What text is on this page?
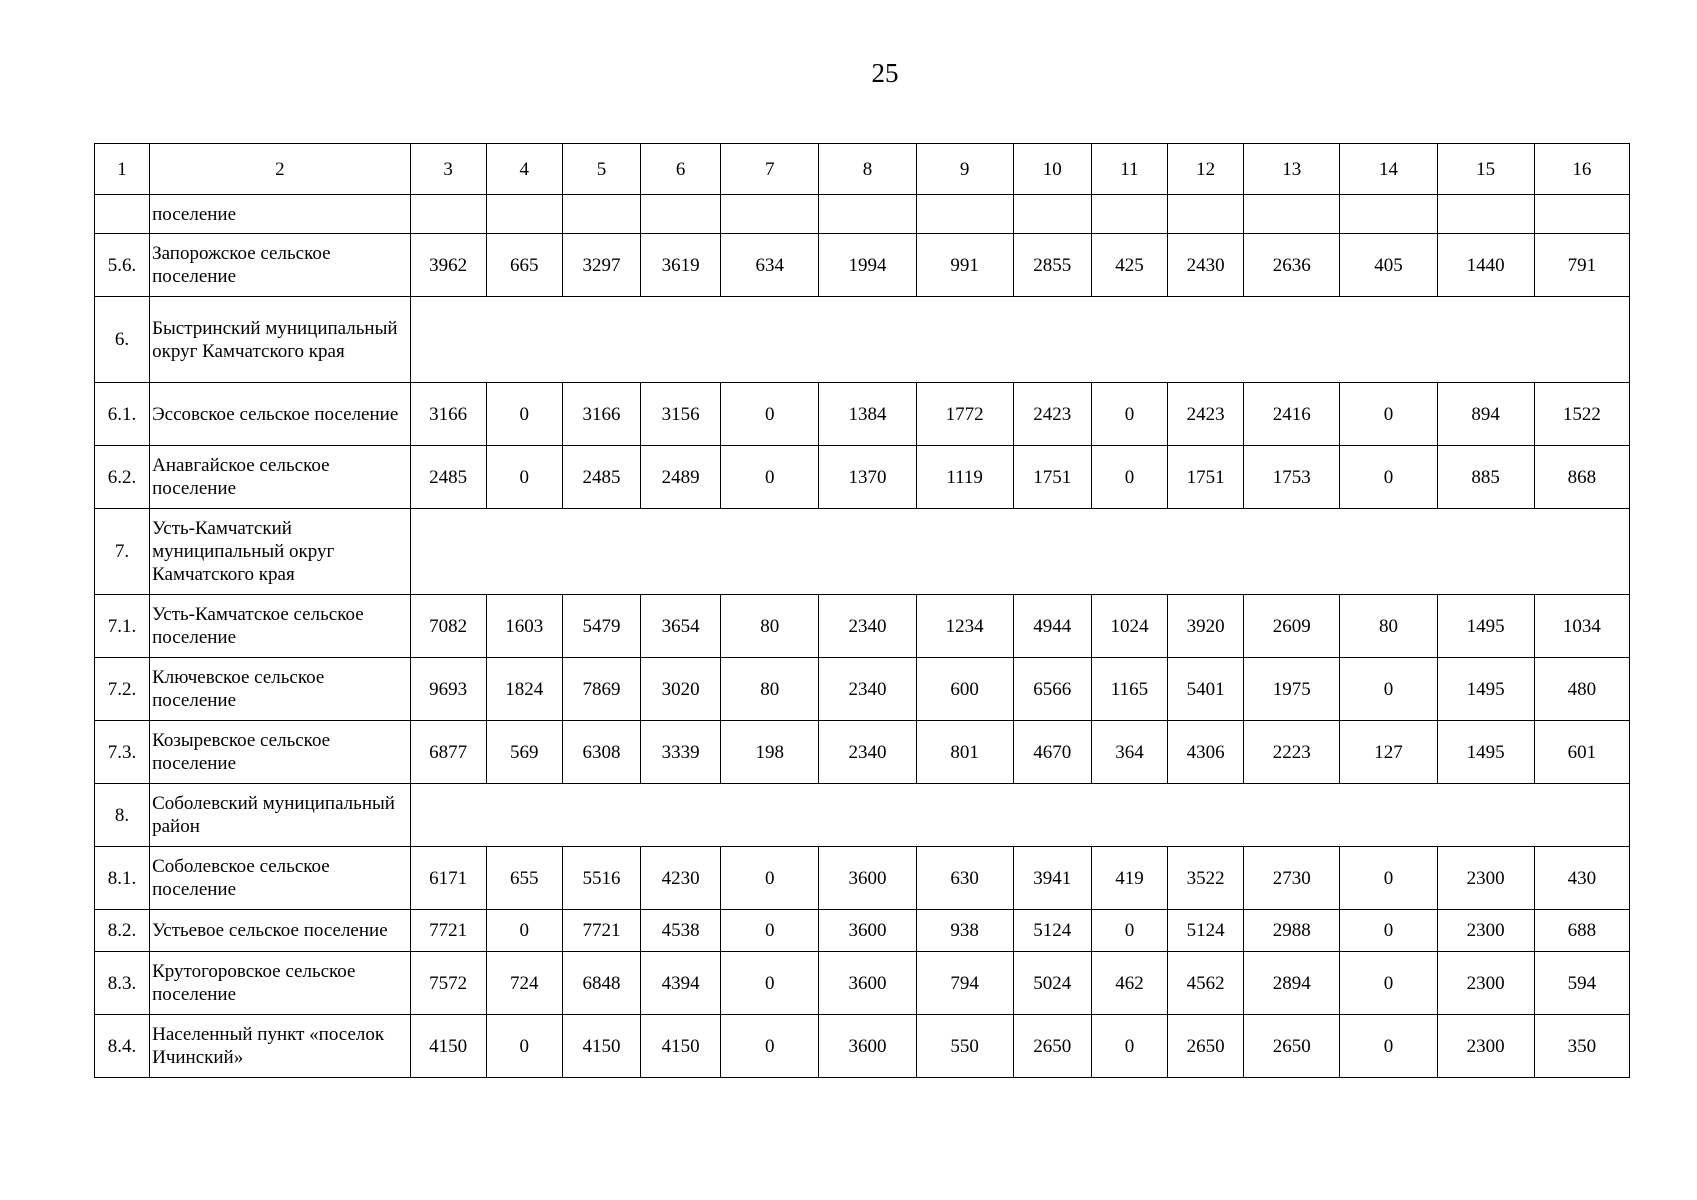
25
1	2	3	4	5	6	7	8	9	10	11	12	13	14	15	16
	поселение														
5.6.	Запорожское сельское поселение	3962	665	3297	3619	634	1994	991	2855	425	2430	2636	405	1440	791
6.	Быстринский муниципальный округ Камчатского края														
6.1.	Эссовское сельское поселение	3166	0	3166	3156	0	1384	1772	2423	0	2423	2416	0	894	1522
6.2.	Анавгайское сельское поселение	2485	0	2485	2489	0	1370	1119	1751	0	1751	1753	0	885	868
7.	Усть-Камчатский муниципальный округ Камчатского края														
7.1.	Усть-Камчатское сельское поселение	7082	1603	5479	3654	80	2340	1234	4944	1024	3920	2609	80	1495	1034
7.2.	Ключевское сельское поселение	9693	1824	7869	3020	80	2340	600	6566	1165	5401	1975	0	1495	480
7.3.	Козыревское сельское поселение	6877	569	6308	3339	198	2340	801	4670	364	4306	2223	127	1495	601
8.	Соболевский муниципальный район														
8.1.	Соболевское сельское поселение	6171	655	5516	4230	0	3600	630	3941	419	3522	2730	0	2300	430
8.2.	Устьевое сельское поселение	7721	0	7721	4538	0	3600	938	5124	0	5124	2988	0	2300	688
8.3.	Крутогоровское сельское поселение	7572	724	6848	4394	0	3600	794	5024	462	4562	2894	0	2300	594
8.4.	Населенный пункт «поселок Ичинский»	4150	0	4150	4150	0	3600	550	2650	0	2650	2650	0	2300	350
